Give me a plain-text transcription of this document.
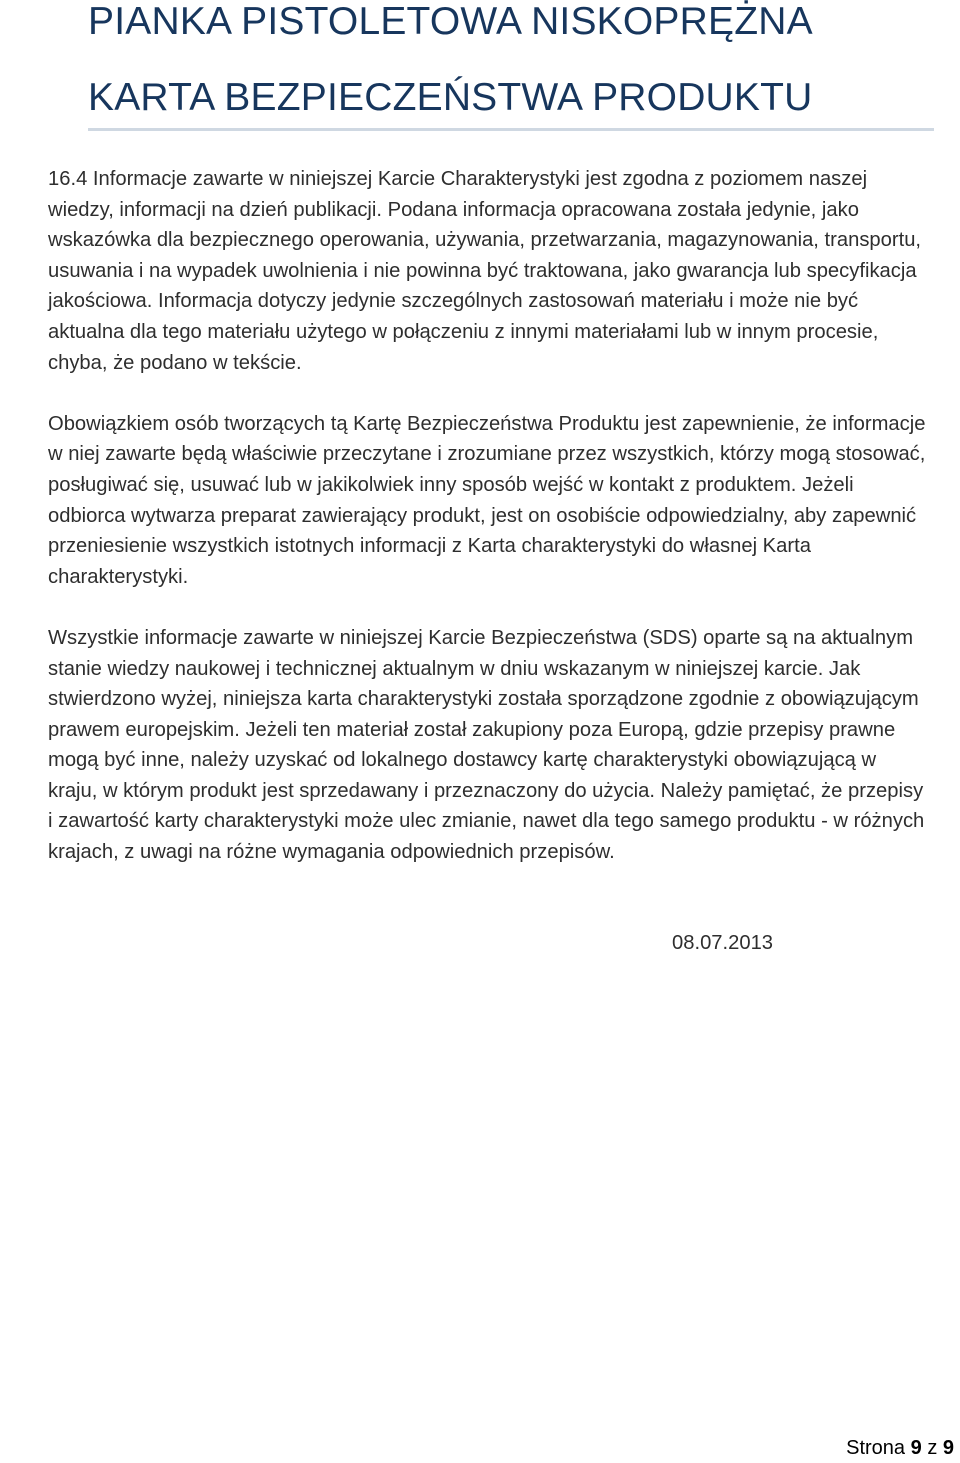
PIANKA PISTOLETOWA NISKOPRĘŻNA
KARTA BEZPIECZEŃSTWA PRODUKTU

16.4 Informacje zawarte w niniejszej Karcie Charakterystyki jest zgodna z poziomem naszej wiedzy, informacji na dzień publikacji. Podana informacja opracowana została jedynie, jako wskazówka dla bezpiecznego operowania, używania, przetwarzania, magazynowania, transportu, usuwania i na wypadek uwolnienia i nie powinna być traktowana, jako gwarancja lub specyfikacja jakościowa. Informacja dotyczy jedynie szczególnych zastosowań materiału i może nie być aktualna dla tego materiału użytego w połączeniu z innymi materiałami lub w innym procesie, chyba, że podano w tekście.

Obowiązkiem osób tworzących tą Kartę Bezpieczeństwa Produktu jest zapewnienie, że informacje w niej zawarte będą właściwie przeczytane i zrozumiane przez wszystkich, którzy mogą stosować, posługiwać się, usuwać lub w jakikolwiek inny sposób wejść w kontakt z produktem. Jeżeli odbiorca wytwarza preparat zawierający produkt, jest on osobiście odpowiedzialny, aby zapewnić przeniesienie wszystkich istotnych informacji z Karta charakterystyki do własnej Karta charakterystyki.

Wszystkie informacje zawarte w niniejszej Karcie Bezpieczeństwa (SDS) oparte są na aktualnym stanie wiedzy naukowej i technicznej aktualnym w dniu wskazanym w niniejszej karcie. Jak stwierdzono wyżej, niniejsza karta charakterystyki została sporządzone zgodnie z obowiązującym prawem europejskim. Jeżeli ten materiał został zakupiony poza Europą, gdzie przepisy prawne mogą być inne, należy uzyskać od lokalnego dostawcy kartę charakterystyki obowiązującą w kraju, w którym produkt jest sprzedawany i przeznaczony do użycia. Należy pamiętać, że przepisy i zawartość karty charakterystyki może ulec zmianie, nawet dla tego samego produktu - w różnych krajach, z uwagi na różne wymagania odpowiednich przepisów.

08.07.2013
Strona 9 z 9
